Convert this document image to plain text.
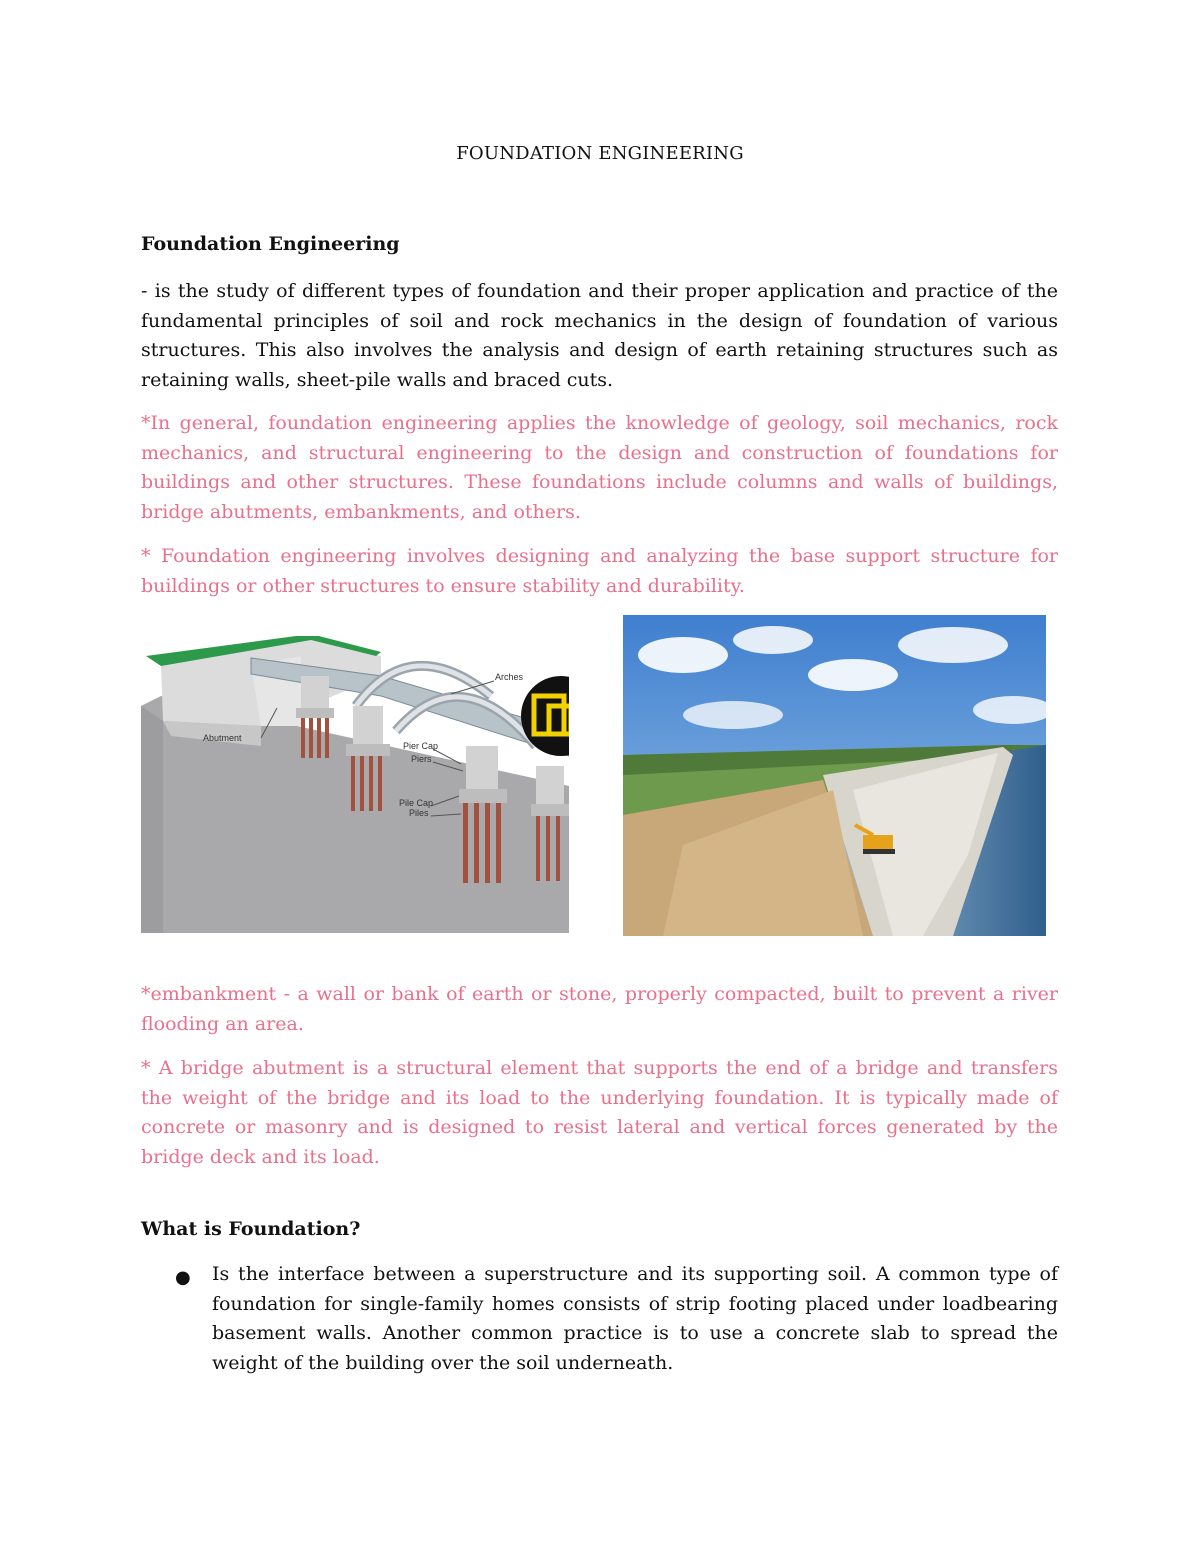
FOUNDATION ENGINEERING
Foundation Engineering

- is the study of different types of foundation and their proper application and practice of the fundamental principles of soil and rock mechanics in the design of foundation of various structures. This also involves the analysis and design of earth retaining structures such as retaining walls, sheet-pile walls and braced cuts.

*In general, foundation engineering applies the knowledge of geology, soil mechanics, rock mechanics, and structural engineering to the design and construction of foundations for buildings and other structures. These foundations include columns and walls of buildings, bridge abutments, embankments, and others.

* Foundation engineering involves designing and analyzing the base support structure for buildings or other structures to ensure stability and durability.

Arches
Abutment
Pier Cap
Piers
Pile Cap
Piles

*embankment - a wall or bank of earth or stone, properly compacted, built to prevent a river flooding an area.

* A bridge abutment is a structural element that supports the end of a bridge and transfers the weight of the bridge and its load to the underlying foundation. It is typically made of concrete or masonry and is designed to resist lateral and vertical forces generated by the bridge deck and its load.

What is Foundation?
● Is the interface between a superstructure and its supporting soil. A common type of foundation for single-family homes consists of strip footing placed under loadbearing basement walls. Another common practice is to use a concrete slab to spread the weight of the building over the soil underneath.
